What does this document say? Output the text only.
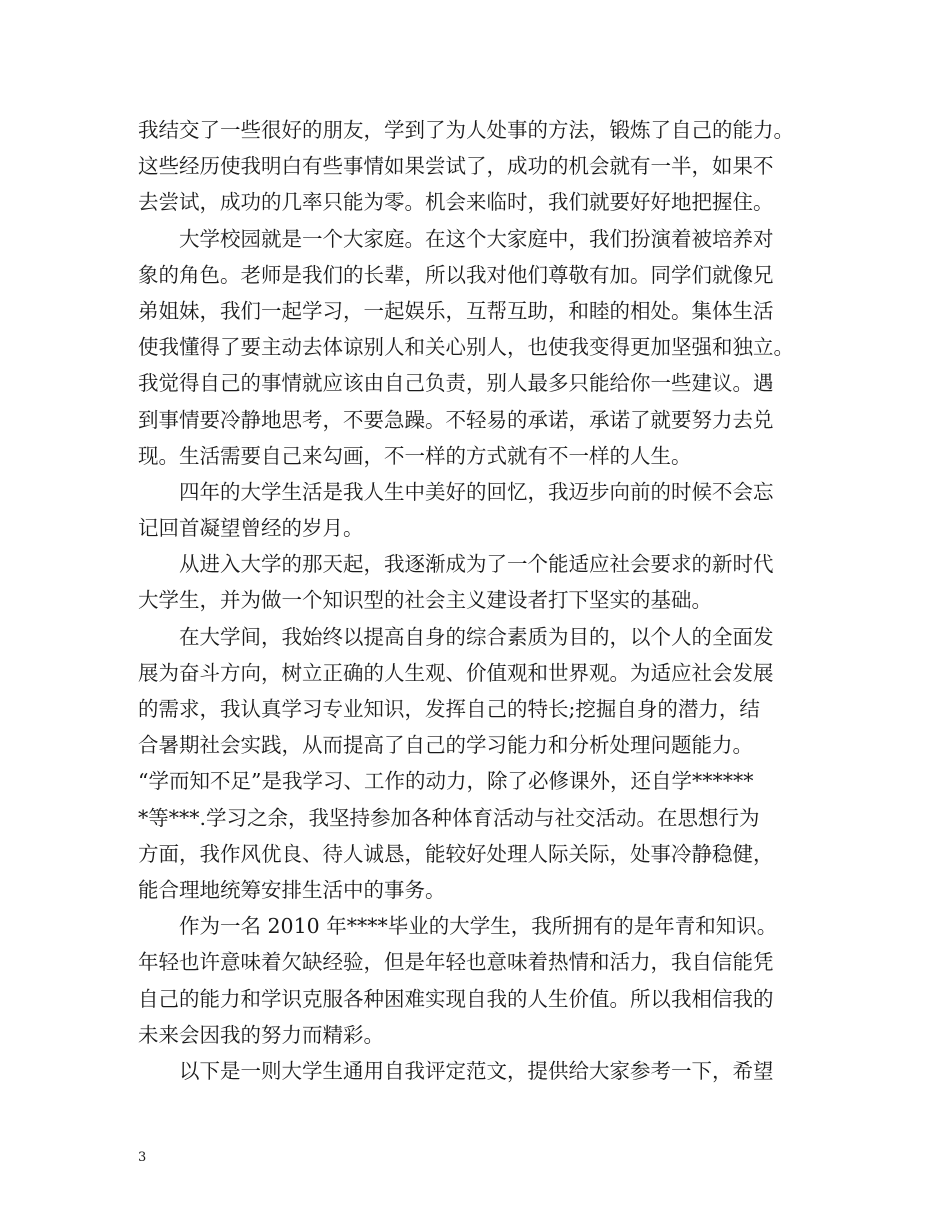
我结交了一些很好的朋友，学到了为人处事的方法，锻炼了自己的能力。
这些经历使我明白有些事情如果尝试了，成功的机会就有一半，如果不
去尝试，成功的几率只能为零。机会来临时，我们就要好好地把握住。
大学校园就是一个大家庭。在这个大家庭中，我们扮演着被培养对
象的角色。老师是我们的长辈，所以我对他们尊敬有加。同学们就像兄
弟姐妹，我们一起学习，一起娱乐，互帮互助，和睦的相处。集体生活
使我懂得了要主动去体谅别人和关心别人，也使我变得更加坚强和独立。
我觉得自己的事情就应该由自己负责，别人最多只能给你一些建议。遇
到事情要冷静地思考，不要急躁。不轻易的承诺，承诺了就要努力去兑
现。生活需要自己来勾画，不一样的方式就有不一样的人生。
四年的大学生活是我人生中美好的回忆，我迈步向前的时候不会忘
记回首凝望曾经的岁月。
从进入大学的那天起，我逐渐成为了一个能适应社会要求的新时代
大学生，并为做一个知识型的社会主义建设者打下坚实的基础。
在大学间，我始终以提高自身的综合素质为目的，以个人的全面发
展为奋斗方向，树立正确的人生观、价值观和世界观。为适应社会发展
的需求，我认真学习专业知识，发挥自己的特长;挖掘自身的潜力，结
合暑期社会实践，从而提高了自己的学习能力和分析处理问题能力。
“学而知不足”是我学习、工作的动力，除了必修课外，还自学******
*等***.学习之余，我坚持参加各种体育活动与社交活动。在思想行为
方面，我作风优良、待人诚恳，能较好处理人际关际，处事冷静稳健，
能合理地统筹安排生活中的事务。
作为一名 2010 年****毕业的大学生，我所拥有的是年青和知识。
年轻也许意味着欠缺经验，但是年轻也意味着热情和活力，我自信能凭
自己的能力和学识克服各种困难实现自我的人生价值。所以我相信我的
未来会因我的努力而精彩。
以下是一则大学生通用自我评定范文，提供给大家参考一下，希望
3
